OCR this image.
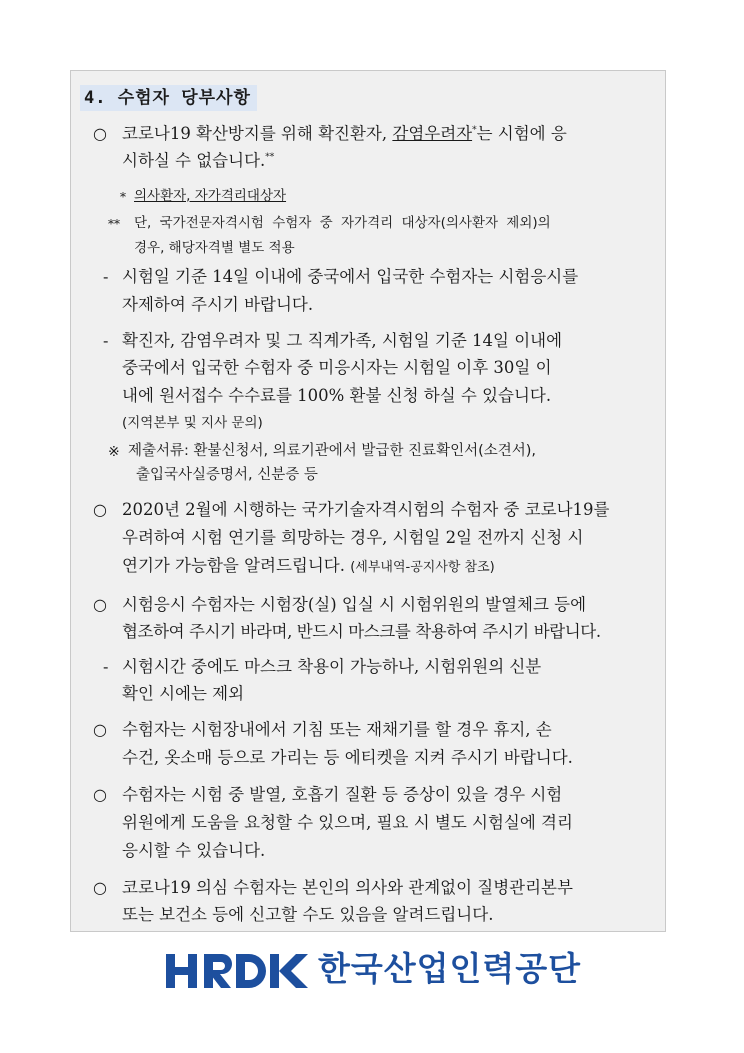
4. 수험자 당부사항
○ 코로나19 확산방지를 위해 확진환자, 감염우려자*는 시험에 응
시하실 수 없습니다.**
* 의사환자, 자가격리대상자
** 단, 국가전문자격시험 수험자 중 자가격리 대상자(의사환자 제외)의
경우, 해당자격별 별도 적용
- 시험일 기준 14일 이내에 중국에서 입국한 수험자는 시험응시를
자제하여 주시기 바랍니다.
- 확진자, 감염우려자 및 그 직계가족, 시험일 기준 14일 이내에
중국에서 입국한 수험자 중 미응시자는 시험일 이후 30일 이
내에 원서접수 수수료를 100% 환불 신청 하실 수 있습니다.
(지역본부 및 지사 문의)
※ 제출서류: 환불신청서, 의료기관에서 발급한 진료확인서(소견서),
출입국사실증명서, 신분증 등
○ 2020년 2월에 시행하는 국가기술자격시험의 수험자 중 코로나19를
우려하여 시험 연기를 희망하는 경우, 시험일 2일 전까지 신청 시
연기가 가능함을 알려드립니다. (세부내역-공지사항 참조)
○ 시험응시 수험자는 시험장(실) 입실 시 시험위원의 발열체크 등에
협조하여 주시기 바라며, 반드시 마스크를 착용하여 주시기 바랍니다.
- 시험시간 중에도 마스크 착용이 가능하나, 시험위원의 신분
확인 시에는 제외
○ 수험자는 시험장내에서 기침 또는 재채기를 할 경우 휴지, 손
수건, 옷소매 등으로 가리는 등 에티켓을 지켜 주시기 바랍니다.
○ 수험자는 시험 중 발열, 호흡기 질환 등 증상이 있을 경우 시험
위원에게 도움을 요청할 수 있으며, 필요 시 별도 시험실에 격리
응시할 수 있습니다.
○ 코로나19 의심 수험자는 본인의 의사와 관계없이 질병관리본부
또는 보건소 등에 신고할 수도 있음을 알려드립니다.
한국산업인력공단
